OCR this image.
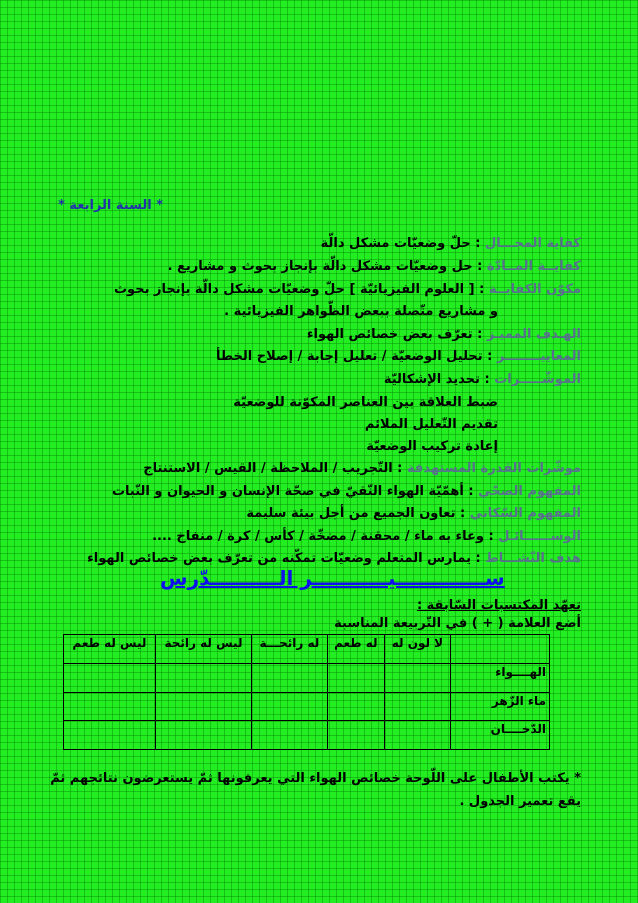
* السنة الرابعة *
كفاية المجـــال : حلّ وضعيّات مشكل دالّة
كفايــة المــادّة : حل وضعيّات مشكل دالّة بإنجاز بحوث و مشاريع .
مكوّن الكفايــة : [ العلوم الفيزيائيّة ] حلّ وضعيّات مشكل دالّة بإنجاز بحوث
و مشاريع متّصلة ببعض الظّواهر الفيزيائية .
الهـدف المميـز : تعرّف بعض خصائص الهواء
المعاييــــــــر : تحليل الوضعيّة / تعليل إجابة / إصلاح الخطأ
الموشّـــــرات : تحديد الإشكاليّة
ضبط العلاقة بين العناصر المكوّنة للوضعيّة
تقديم التّعليل الملائم
إعادة تركيب الوضعيّة
موشّرات القدرة المستهدفة : التّجريب / الملاحظة / القيس / الاستنتاج
المفهوم الصحّي : أهمّيّة الهواء النّقيّ في صحّة الإنسان و الحيوان و النّبات
المفهوم السّكاني : تعاون الجميع من أجل بيئة سليمة
الوســــــائـل : وعاء به ماء / محقنة / مضخّة / كأس / كرة / منفاخ ....
هدف النّشـــاط : يمارس المتعلم وضعيّات تمكّنه من تعرّف بعض خصائص الهواء
ســـــــــــــيـــــــــــر الــــــــــدّرس
تعهّد المكتسبات السّابقة :
أضع العلامة ( + ) في التّربيعة المناسبة
	لا لون له	له طعم	له رائحـــة	ليس له رائحة	ليس له طعم
الهــــواء					
ماء الزّهر					
الدّخــــان					
* يكتب الأطفال على اللّوحة خصائص الهواء التي يعرفونها ثمّ يستعرضون نتائجهم ثمّ
يقع تعمير الجدول .
